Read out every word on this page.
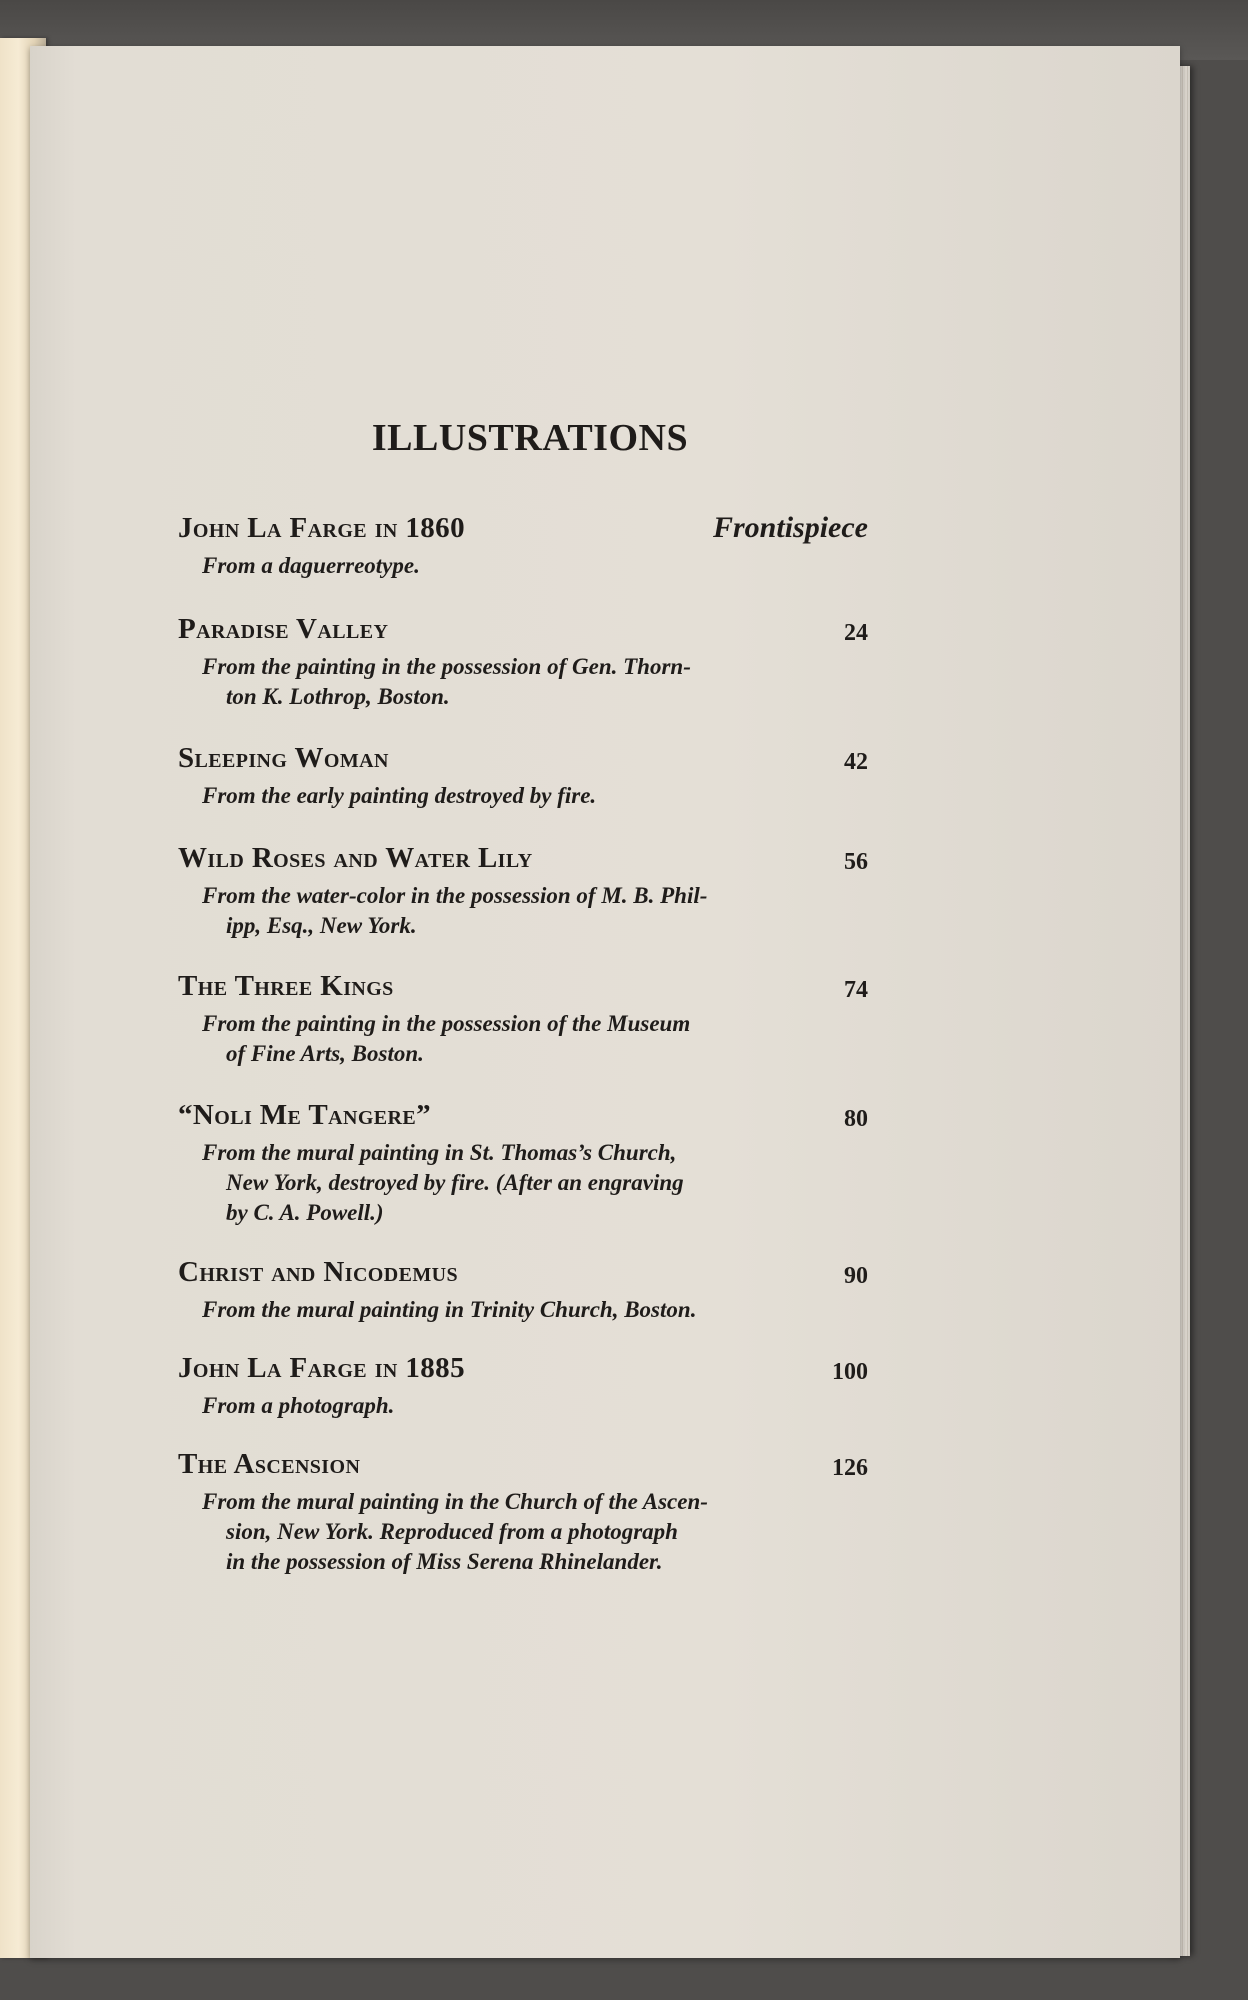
ILLUSTRATIONS
John La Farge in 1860	Frontispiece
From a daguerreotype.
Paradise Valley	24
From the painting in the possession of Gen. Thorn-
ton K. Lothrop, Boston.
Sleeping Woman	42
From the early painting destroyed by fire.
Wild Roses and Water Lily	56
From the water-color in the possession of M. B. Phil-
ipp, Esq., New York.
The Three Kings	74
From the painting in the possession of the Museum
of Fine Arts, Boston.
“Noli Me Tangere”	80
From the mural painting in St. Thomas’s Church,
New York, destroyed by fire. (After an engraving
by C. A. Powell.)
Christ and Nicodemus	90
From the mural painting in Trinity Church, Boston.
John La Farge in 1885	100
From a photograph.
The Ascension	126
From the mural painting in the Church of the Ascen-
sion, New York. Reproduced from a photograph
in the possession of Miss Serena Rhinelander.
